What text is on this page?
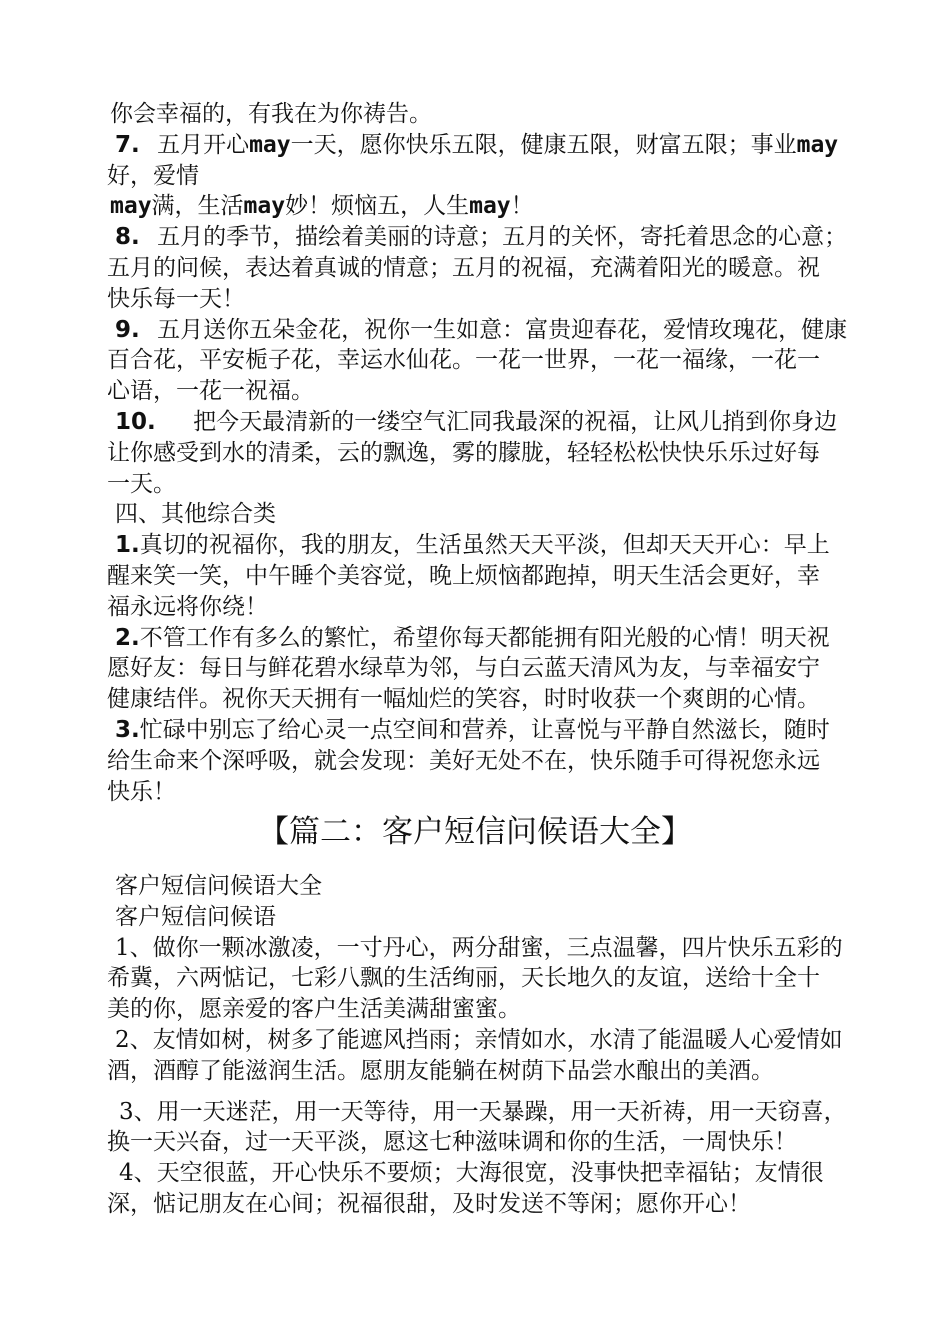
你会幸福的，有我在为你祷告。

7. 五月开心may一天，愿你快乐五限，健康五限，财富五限；事业may
好，爱情
may满，生活may妙！烦恼五，人生may！

8. 五月的季节，描绘着美丽的诗意；五月的关怀，寄托着思念的心意；
五月的问候，表达着真诚的情意；五月的祝福，充满着阳光的暖意。祝
快乐每一天！

9. 五月送你五朵金花，祝你一生如意：富贵迎春花，爱情玫瑰花，健康
百合花，平安栀子花，幸运水仙花。一花一世界，一花一福缘，一花一
心语，一花一祝福。

10. 把今天最清新的一缕空气汇同我最深的祝福，让风儿捎到你身边
让你感受到水的清柔，云的飘逸，雾的朦胧，轻轻松松快快乐乐过好每
一天。

四、其他综合类

1.真切的祝福你，我的朋友，生活虽然天天平淡，但却天天开心：早上
醒来笑一笑，中午睡个美容觉，晚上烦恼都跑掉，明天生活会更好，幸
福永远将你绕！

2.不管工作有多么的繁忙，希望你每天都能拥有阳光般的心情！明天祝
愿好友：每日与鲜花碧水绿草为邻，与白云蓝天清风为友，与幸福安宁
健康结伴。祝你天天拥有一幅灿烂的笑容，时时收获一个爽朗的心情。

3.忙碌中别忘了给心灵一点空间和营养，让喜悦与平静自然滋长，随时
给生命来个深呼吸，就会发现：美好无处不在，快乐随手可得祝您永远
快乐！

【篇二：客户短信问候语大全】

客户短信问候语大全
客户短信问候语

1、做你一颗冰激凌，一寸丹心，两分甜蜜，三点温馨，四片快乐五彩的
希冀，六两惦记，七彩八飘的生活绚丽，天长地久的友谊，送给十全十
美的你，愿亲爱的客户生活美满甜蜜蜜。

2、友情如树，树多了能遮风挡雨；亲情如水，水清了能温暖人心爱情如
酒，酒醇了能滋润生活。愿朋友能躺在树荫下品尝水酿出的美酒。

3、用一天迷茫，用一天等待，用一天暴躁，用一天祈祷，用一天窃喜，
换一天兴奋，过一天平淡，愿这七种滋味调和你的生活，一周快乐！

4、天空很蓝，开心快乐不要烦；大海很宽，没事快把幸福钻；友情很
深，惦记朋友在心间；祝福很甜，及时发送不等闲；愿你开心！
